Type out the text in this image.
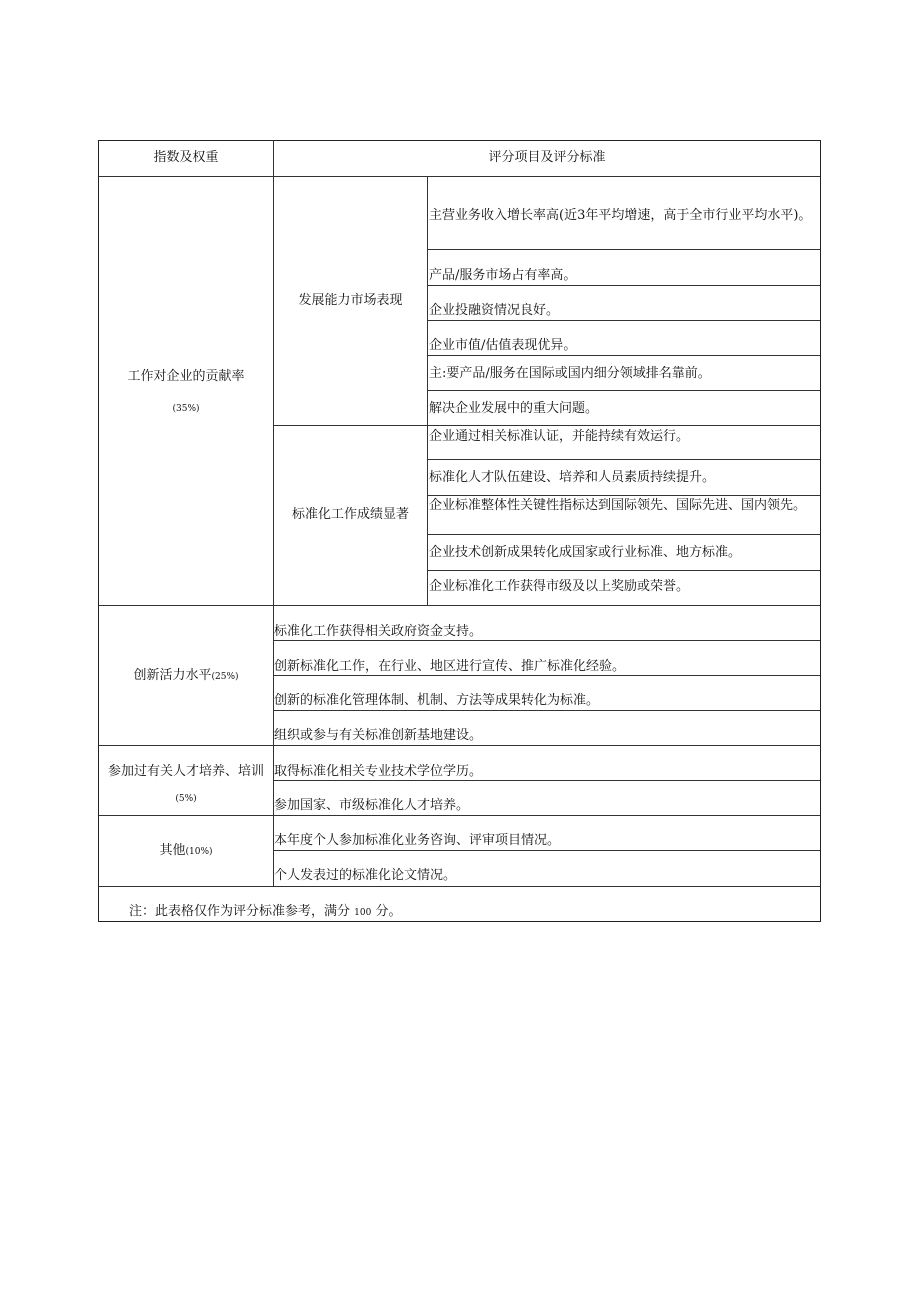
指数及权重	评分项目及评分标准
工作对企业的贡献率
(35%)
发展能力市场表现
主营业务收入增长率高(近3年平均增速，高于全市行业平均水平)。
产品/服务市场占有率高。
企业投融资情况良好。
企业市值/估值表现优异。
主:要产品/服务在国际或国内细分领域排名靠前。
解决企业发展中的重大问题。
标准化工作成绩显著
企业通过相关标准认证，并能持续有效运行。
标准化人才队伍建设、培养和人员素质持续提升。
企业标准整体性关键性指标达到国际领先、国际先进、国内领先。
企业技术创新成果转化成国家或行业标准、地方标准。
企业标准化工作获得市级及以上奖励或荣誉。
创新活力水平(25%)
标准化工作获得相关政府资金支持。
创新标准化工作，在行业、地区进行宣传、推广标准化经验。
创新的标准化管理体制、机制、方法等成果转化为标准。
组织或参与有关标准创新基地建设。
参加过有关人才培养、培训
(5%)
取得标准化相关专业技术学位学历。
参加国家、市级标准化人才培养。
其他(10%)
本年度个人参加标准化业务咨询、评审项目情况。
个人发表过的标准化论文情况。
注：此表格仅作为评分标准参考，满分 100 分。
